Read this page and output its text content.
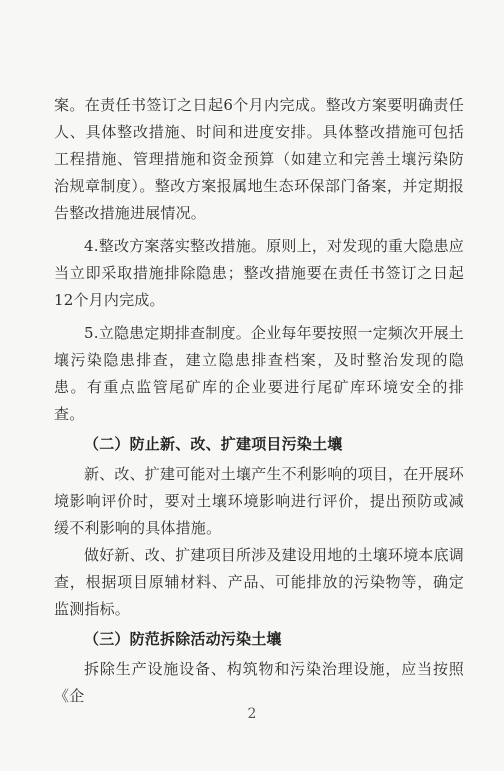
案。在责任书签订之日起6个月内完成。整改方案要明确责任人、具体整改措施、时间和进度安排。具体整改措施可包括工程措施、管理措施和资金预算（如建立和完善土壤污染防治规章制度）。整改方案报属地生态环保部门备案，并定期报告整改措施进展情况。

4.整改方案落实整改措施。原则上，对发现的重大隐患应当立即采取措施排除隐患；整改措施要在责任书签订之日起12个月内完成。

5.立隐患定期排查制度。企业每年要按照一定频次开展土壤污染隐患排查，建立隐患排查档案，及时整治发现的隐患。有重点监管尾矿库的企业要进行尾矿库环境安全的排查。

（二）防止新、改、扩建项目污染土壤

新、改、扩建可能对土壤产生不利影响的项目，在开展环境影响评价时，要对土壤环境影响进行评价，提出预防或减缓不利影响的具体措施。

做好新、改、扩建项目所涉及建设用地的土壤环境本底调查，根据项目原辅材料、产品、可能排放的污染物等，确定监测指标。

（三）防范拆除活动污染土壤

拆除生产设施设备、构筑物和污染治理设施，应当按照《企

2
